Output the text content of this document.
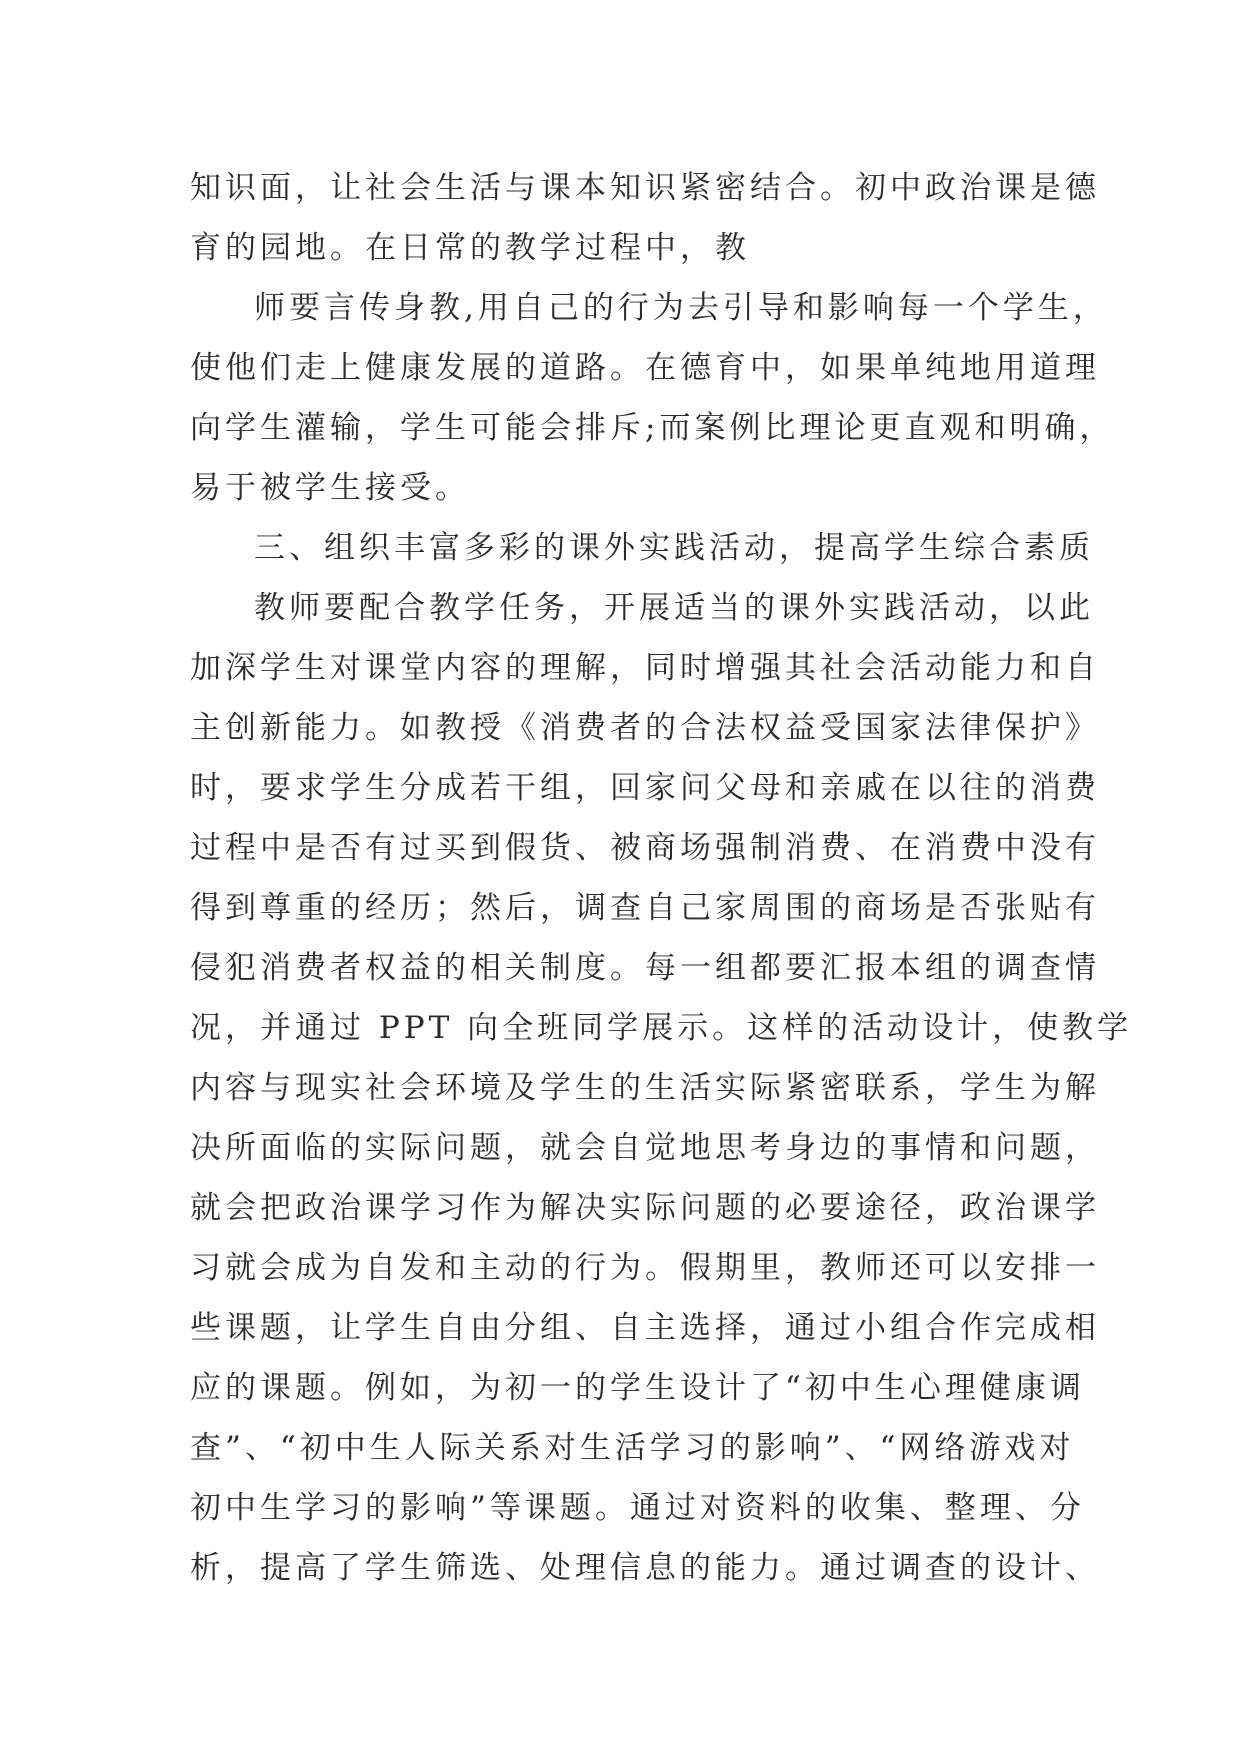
知识面，让社会生活与课本知识紧密结合。初中政治课是德
育的园地。在日常的教学过程中，教
师要言传身教,用自己的行为去引导和影响每一个学生，
使他们走上健康发展的道路。在德育中，如果单纯地用道理
向学生灌输，学生可能会排斥;而案例比理论更直观和明确，
易于被学生接受。
三、组织丰富多彩的课外实践活动，提高学生综合素质
教师要配合教学任务，开展适当的课外实践活动，以此
加深学生对课堂内容的理解，同时增强其社会活动能力和自
主创新能力。如教授《消费者的合法权益受国家法律保护》
时，要求学生分成若干组，回家问父母和亲戚在以往的消费
过程中是否有过买到假货、被商场强制消费、在消费中没有
得到尊重的经历；然后，调查自己家周围的商场是否张贴有
侵犯消费者权益的相关制度。每一组都要汇报本组的调查情
况，并通过 PPT 向全班同学展示。这样的活动设计，使教学
内容与现实社会环境及学生的生活实际紧密联系，学生为解
决所面临的实际问题，就会自觉地思考身边的事情和问题，
就会把政治课学习作为解决实际问题的必要途径，政治课学
习就会成为自发和主动的行为。假期里，教师还可以安排一
些课题，让学生自由分组、自主选择，通过小组合作完成相
应的课题。例如，为初一的学生设计了“初中生心理健康调
查”、“初中生人际关系对生活学习的影响”、“网络游戏对
初中生学习的影响”等课题。通过对资料的收集、整理、分
析，提高了学生筛选、处理信息的能力。通过调查的设计、
